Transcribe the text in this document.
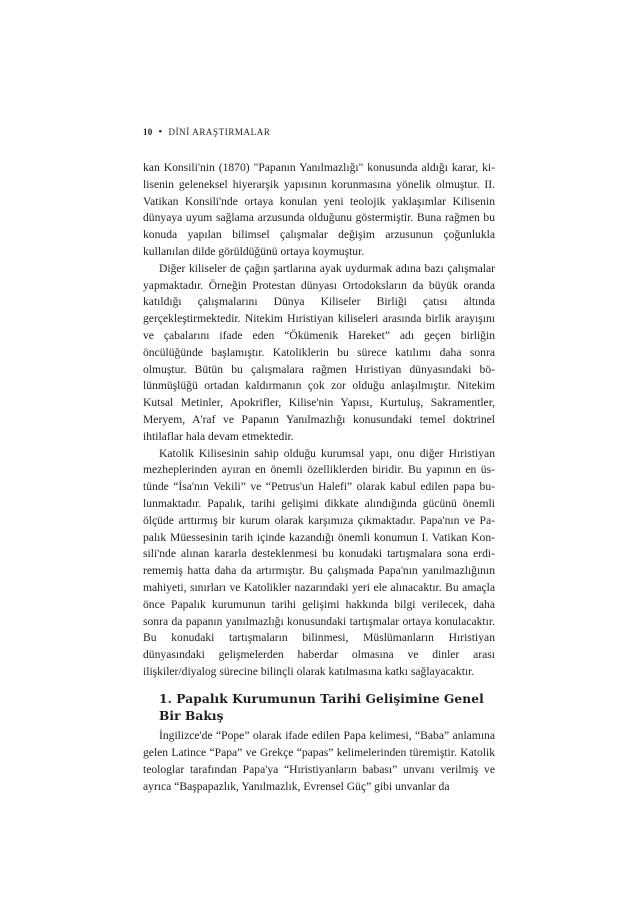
10 • DİNİ ARAŞTIRMALAR

kan Konsili'nin (1870) "Papanın Yanılmazlığı" konusunda aldığı karar, kilisenin geleneksel hiyerarşik yapısının korunmasına yönelik olmuştur. II. Vatikan Konsili'nde ortaya konulan yeni teolojik yaklaşımlar Kilisenin dünyaya uyum sağlama arzusunda olduğunu göstermiştir. Buna rağmen bu konuda yapılan bilimsel çalışmalar değişim arzusunun çoğunlukla kullanılan dilde görüldüğünü ortaya koymuştur.

Diğer kiliseler de çağın şartlarına ayak uydurmak adına bazı çalışmalar yapmaktadır. Örneğin Protestan dünyası Ortodoksların da büyük oranda katıldığı çalışmalarını Dünya Kiliseler Birliği çatısı altında gerçekleştirmektedir. Nitekim Hıristiyan kiliseleri arasında birlik arayışını ve çabalarını ifade eden “Ökümenik Hareket” adı geçen birliğin öncülüğünde başlamıştır. Katoliklerin bu sürece katılımı daha sonra olmuştur. Bütün bu çalışmalara rağmen Hıristiyan dünyasındaki bölünmüşlüğü ortadan kaldırmanın çok zor olduğu anlaşılmıştır. Nitekim Kutsal Metinler, Apokrifler, Kilise'nin Yapısı, Kurtuluş, Sakramentler, Meryem, A'raf ve Papanın Yanılmazlığı konusundaki temel doktrinel ihtilaflar hala devam etmektedir.

Katolik Kilisesinin sahip olduğu kurumsal yapı, onu diğer Hıristiyan mezheplerinden ayıran en önemli özelliklerden biridir. Bu yapının en üstünde “İsa'nın Vekili” ve “Petrus'un Halefi” olarak kabul edilen papa bulunmaktadır. Papalık, tarihi gelişimi dikkate alındığında gücünü önemli ölçüde arttırmış bir kurum olarak karşımıza çıkmaktadır. Papa'nın ve Papalık Müessesinin tarih içinde kazandığı önemli konumun I. Vatikan Konsili'nde alınan kararla desteklenmesi bu konudaki tartışmalara sona erdirememiş hatta daha da artırmıştır. Bu çalışmada Papa'nın yanılmazlığının mahiyeti, sınırları ve Katolikler nazarındaki yeri ele alınacaktır. Bu amaçla önce Papalık kurumunun tarihi gelişimi hakkında bilgi verilecek, daha sonra da papanın yanılmazlığı konusundaki tartışmalar ortaya konulacaktır. Bu konudaki tartışmaların bilinmesi, Müslümanların Hıristiyan dünyasındaki gelişmelerden haberdar olmasına ve dinler arası ilişkiler/diyalog sürecine bilinçli olarak katılmasına katkı sağlayacaktır.

1. Papalık Kurumunun Tarihi Gelişimine Genel Bir Bakış

İngilizce'de “Pope” olarak ifade edilen Papa kelimesi, “Baba” anlamına gelen Latince “Papa” ve Grekçe “papas” kelimelerinden türemiştir. Katolik teologlar tarafından Papa'ya “Hıristiyanların babası” unvanı verilmiş ve ayrıca “Başpapazlık, Yanılmazlık, Evrensel Güç” gibi unvanlar da
